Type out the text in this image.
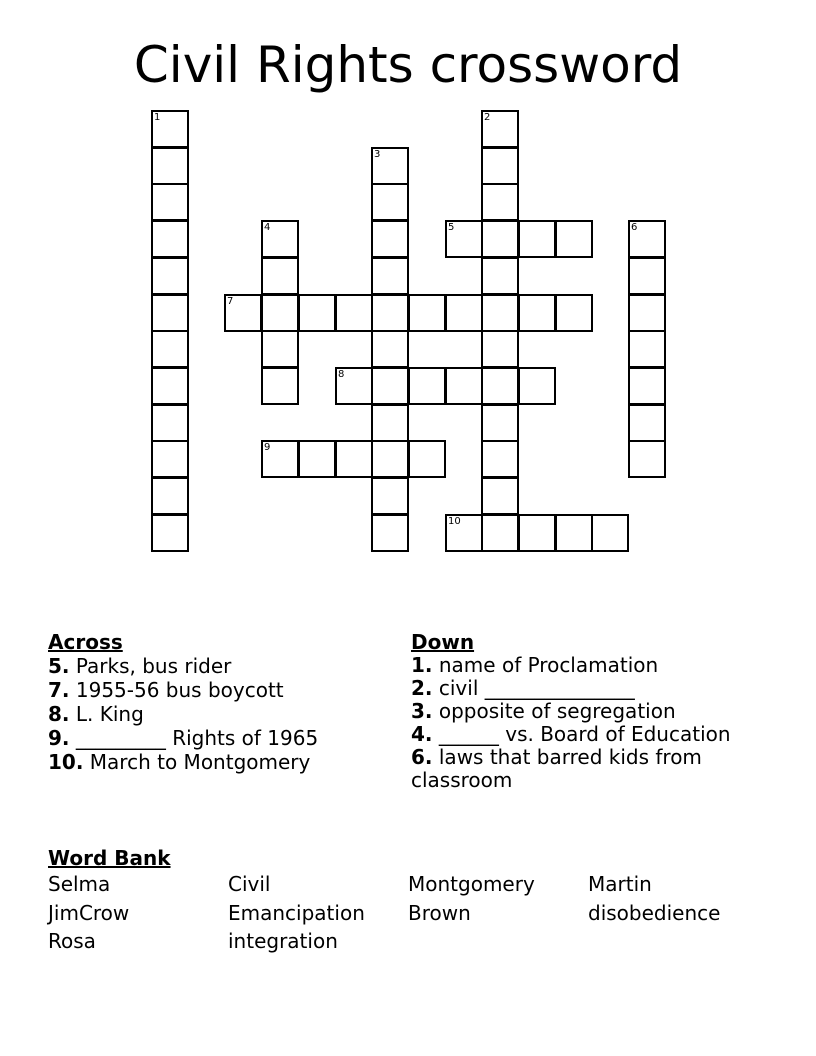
Civil Rights crossword
1	2
3
4	5	6
7
8
9
10
Across
5. Parks, bus rider
7. 1955-56 bus boycott
8. L. King
9. _________ Rights of 1965
10. March to Montgomery
Down
1. name of Proclamation
2. civil _______________
3. opposite of segregation
4. ______ vs. Board of Education
6. laws that barred kids from classroom
Word Bank
Selma	Civil	Montgomery	Martin
JimCrow	Emancipation	Brown	disobedience
Rosa	integration
